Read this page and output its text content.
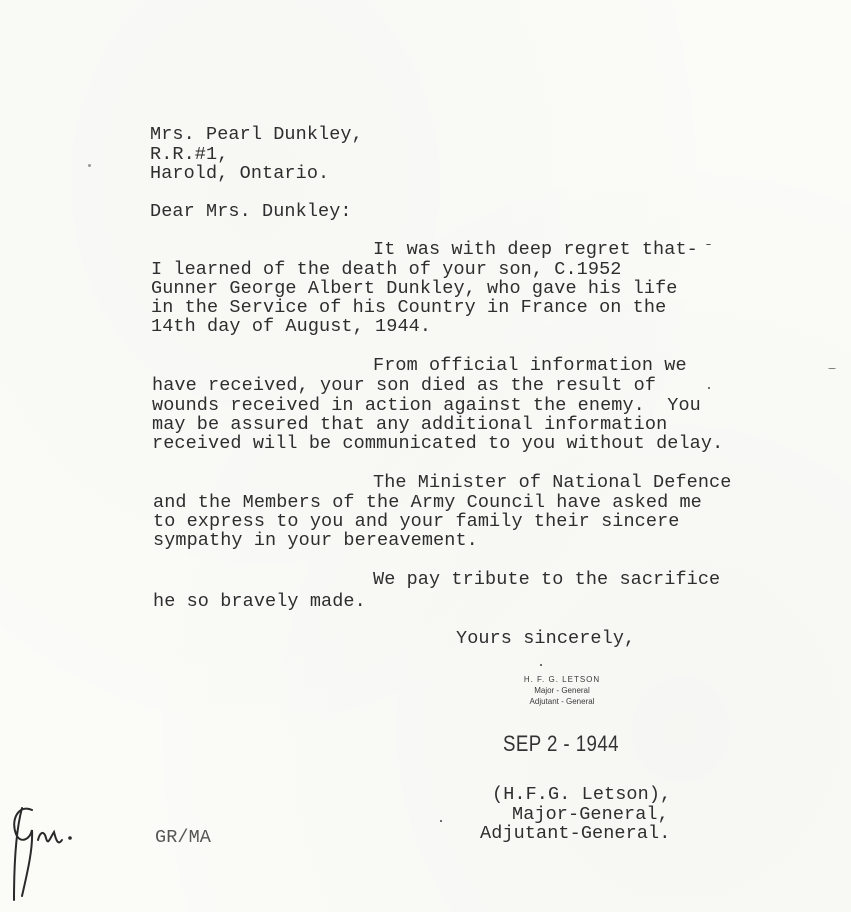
Mrs. Pearl Dunkley,
R.R.#1,
Harold, Ontario.
Dear Mrs. Dunkley:
It was with deep regret that-
I learned of the death of your son, C.1952
Gunner George Albert Dunkley, who gave his life
in the Service of his Country in France on the
14th day of August, 1944.
From official information we
have received, your son died as the result of
wounds received in action against the enemy.  You
may be assured that any additional information
received will be communicated to you without delay.
The Minister of National Defence
and the Members of the Army Council have asked me
to express to you and your family their sincere
sympathy in your bereavement.
We pay tribute to the sacrifice
he so bravely made.
Yours sincerely,
H. F. G. LETSON
Major - General
Adjutant - General
SEP 2 - 1944
(H.F.G. Letson),
Major-General,
Adjutant-General.
GR/MA
